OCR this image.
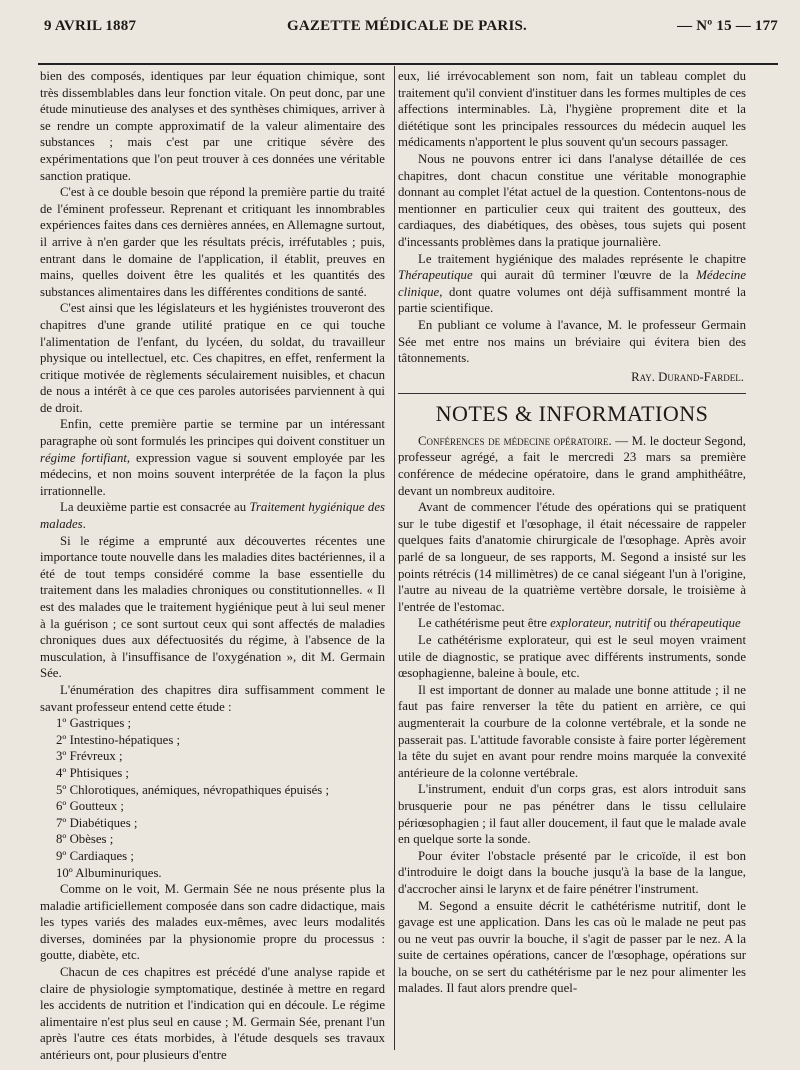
9 AVRIL 1887	GAZETTE MÉDICALE DE PARIS.	— Nº 15 — 177

bien des composés, identiques par leur équation chimique, sont très dissemblables dans leur fonction vitale. On peut donc, par une étude minutieuse des analyses et des synthèses chimiques, arriver à se rendre un compte approximatif de la valeur alimentaire des substances ; mais c'est par une critique sévère des expérimentations que l'on peut trouver à ces données une véritable sanction pratique.

C'est à ce double besoin que répond la première partie du traité de l'éminent professeur. Reprenant et critiquant les innombrables expériences faites dans ces dernières années, en Allemagne surtout, il arrive à n'en garder que les résultats précis, irréfutables ; puis, entrant dans le domaine de l'application, il établit, preuves en mains, quelles doivent être les qualités et les quantités des substances alimentaires dans les différentes conditions de santé.

C'est ainsi que les législateurs et les hygiénistes trouveront des chapitres d'une grande utilité pratique en ce qui touche l'alimentation de l'enfant, du lycéen, du soldat, du travailleur physique ou intellectuel, etc. Ces chapitres, en effet, renferment la critique motivée de règlements séculairement nuisibles, et chacun de nous a intérêt à ce que ces paroles autorisées parviennent à qui de droit.

Enfin, cette première partie se termine par un intéressant paragraphe où sont formulés les principes qui doivent constituer un régime fortifiant, expression vague si souvent employée par les médecins, et non moins souvent interprétée de la façon la plus irrationnelle.

La deuxième partie est consacrée au Traitement hygiénique des malades.

Si le régime a emprunté aux découvertes récentes une importance toute nouvelle dans les maladies dites bactériennes, il a été de tout temps considéré comme la base essentielle du traitement dans les maladies chroniques ou constitutionnelles. « Il est des malades que le traitement hygiénique peut à lui seul mener à la guérison ; ce sont surtout ceux qui sont affectés de maladies chroniques dues aux défectuosités du régime, à l'absence de la musculation, à l'insuffisance de l'oxygénation », dit M. Germain Sée.

L'énumération des chapitres dira suffisamment comment le savant professeur entend cette étude :

1º Gastriques ;
2º Intestino-hépatiques ;
3º Frévreux ;
4º Phtisiques ;
5º Chlorotiques, anémiques, névropathiques épuisés ;
6º Goutteux ;
7º Diabétiques ;
8º Obèses ;
9º Cardiaques ;
10º Albuminuriques.

Comme on le voit, M. Germain Sée ne nous présente plus la maladie artificiellement composée dans son cadre didactique, mais les types variés des malades eux-mêmes, avec leurs modalités diverses, dominées par la physionomie propre du processus : goutte, diabète, etc.

Chacun de ces chapitres est précédé d'une analyse rapide et claire de physiologie symptomatique, destinée à mettre en regard les accidents de nutrition et l'indication qui en découle. Le régime alimentaire n'est plus seul en cause ; M. Germain Sée, prenant l'un après l'autre ces états morbides, à l'étude desquels ses travaux antérieurs ont, pour plusieurs d'entre

eux, lié irrévocablement son nom, fait un tableau complet du traitement qu'il convient d'instituer dans les formes multiples de ces affections interminables. Là, l'hygiène proprement dite et la diététique sont les principales ressources du médecin auquel les médicaments n'apportent le plus souvent qu'un secours passager.

Nous ne pouvons entrer ici dans l'analyse détaillée de ces chapitres, dont chacun constitue une véritable monographie donnant au complet l'état actuel de la question. Contentons-nous de mentionner en particulier ceux qui traitent des goutteux, des cardiaques, des diabétiques, des obèses, tous sujets qui posent d'incessants problèmes dans la pratique journalière.

Le traitement hygiénique des malades représente le chapitre Thérapeutique qui aurait dû terminer l'œuvre de la Médecine clinique, dont quatre volumes ont déjà suffisamment montré la partie scientifique.

En publiant ce volume à l'avance, M. le professeur Germain Sée met entre nos mains un bréviaire qui évitera bien des tâtonnements.

Ray. Durand-Fardel.
NOTES & INFORMATIONS

Conférences de médecine opératoire. — M. le docteur Segond, professeur agrégé, a fait le mercredi 23 mars sa première conférence de médecine opératoire, dans le grand amphithéâtre, devant un nombreux auditoire.

Avant de commencer l'étude des opérations qui se pratiquent sur le tube digestif et l'œsophage, il était nécessaire de rappeler quelques faits d'anatomie chirurgicale de l'œsophage. Après avoir parlé de sa longueur, de ses rapports, M. Segond a insisté sur les points rétrécis (14 millimètres) de ce canal siégeant l'un à l'origine, l'autre au niveau de la quatrième vertèbre dorsale, le troisième à l'entrée de l'estomac.

Le cathétérisme peut être explorateur, nutritif ou thérapeutique

Le cathétérisme explorateur, qui est le seul moyen vraiment utile de diagnostic, se pratique avec différents instruments, sonde œsophagienne, baleine à boule, etc.

Il est important de donner au malade une bonne attitude ; il ne faut pas faire renverser la tête du patient en arrière, ce qui augmenterait la courbure de la colonne vertébrale, et la sonde ne passerait pas. L'attitude favorable consiste à faire porter légèrement la tête du sujet en avant pour rendre moins marquée la convexité antérieure de la colonne vertébrale.

L'instrument, enduit d'un corps gras, est alors introduit sans brusquerie pour ne pas pénétrer dans le tissu cellulaire périœsophagien ; il faut aller doucement, il faut que le malade avale en quelque sorte la sonde.

Pour éviter l'obstacle présenté par le cricoïde, il est bon d'introduire le doigt dans la bouche jusqu'à la base de la langue, d'accrocher ainsi le larynx et de faire pénétrer l'instrument.

M. Segond a ensuite décrit le cathétérisme nutritif, dont le gavage est une application. Dans les cas où le malade ne peut pas ou ne veut pas ouvrir la bouche, il s'agit de passer par le nez. A la suite de certaines opérations, cancer de l'œsophage, opérations sur la bouche, on se sert du cathétérisme par le nez pour alimenter les malades. Il faut alors prendre quel-
